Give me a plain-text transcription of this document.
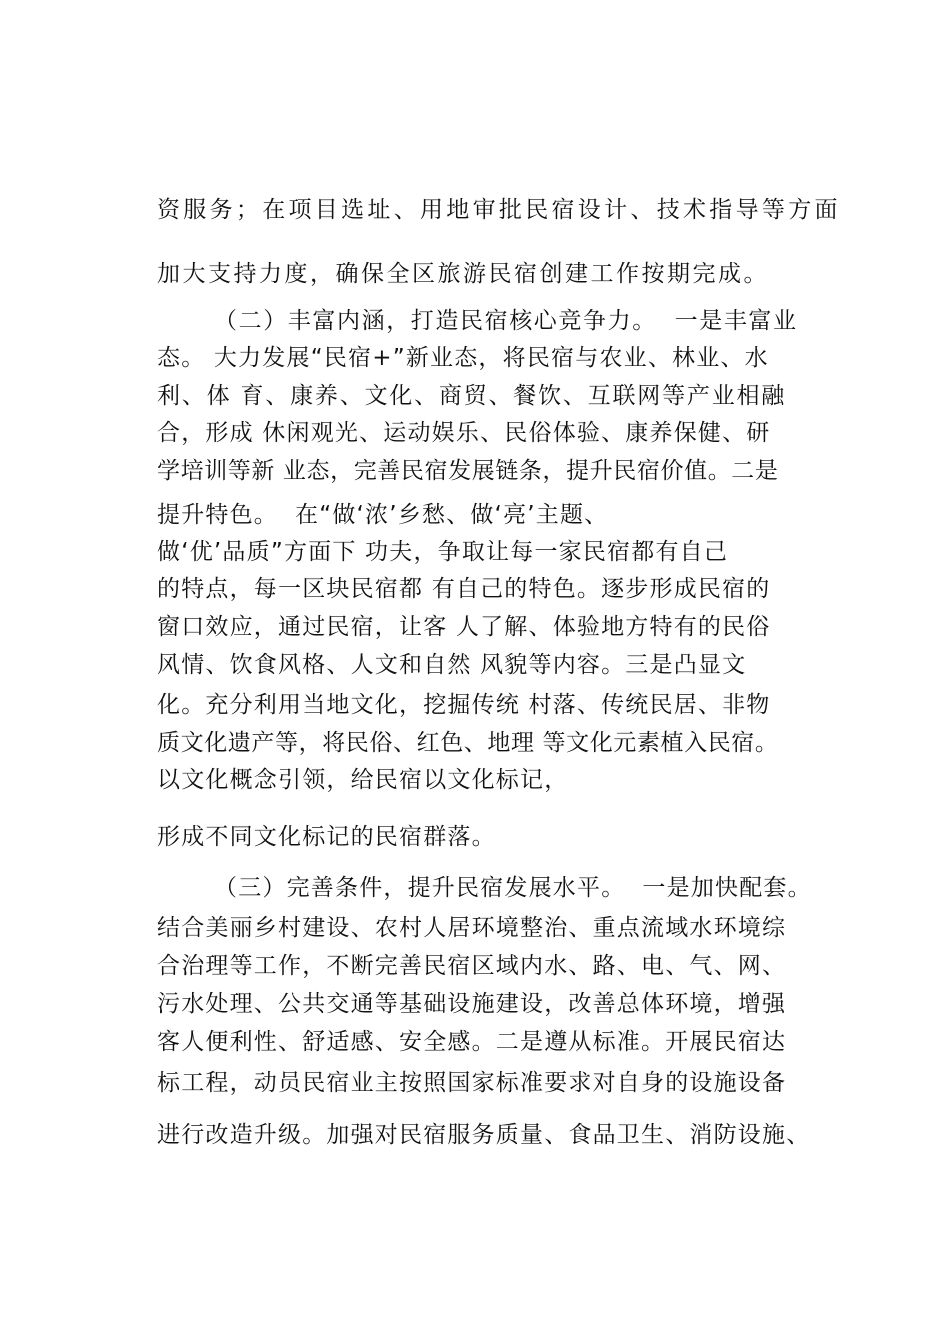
资服务；在项目选址、用地审批民宿设计、技术指导等方面
加大支持力度，确保全区旅游民宿创建工作按期完成。
（二）丰富内涵，打造民宿核心竞争力。  一是丰富业
态。 大力发展“民宿+”新业态，将民宿与农业、林业、水
利、体 育、康养、文化、商贸、餐饮、互联网等产业相融
合，形成 休闲观光、运动娱乐、民俗体验、康养保健、研
学培训等新 业态，完善民宿发展链条，提升民宿价值。二是
提升特色。  在“做‘浓’乡愁、做‘亮’主题、
做‘优’品质”方面下 功夫，争取让每一家民宿都有自己
的特点，每一区块民宿都 有自己的特色。逐步形成民宿的
窗口效应，通过民宿，让客 人了解、体验地方特有的民俗
风情、饮食风格、人文和自然 风貌等内容。三是凸显文
化。充分利用当地文化，挖掘传统 村落、传统民居、非物
质文化遗产等，将民俗、红色、地理 等文化元素植入民宿。
以文化概念引领，给民宿以文化标记，
形成不同文化标记的民宿群落。
（三）完善条件，提升民宿发展水平。  一是加快配套。
结合美丽乡村建设、农村人居环境整治、重点流域水环境综
合治理等工作，不断完善民宿区域内水、路、电、气、网、
污水处理、公共交通等基础设施建设，改善总体环境，增强
客人便利性、舒适感、安全感。二是遵从标准。开展民宿达
标工程，动员民宿业主按照国家标准要求对自身的设施设备
进行改造升级。加强对民宿服务质量、食品卫生、消防设施、
